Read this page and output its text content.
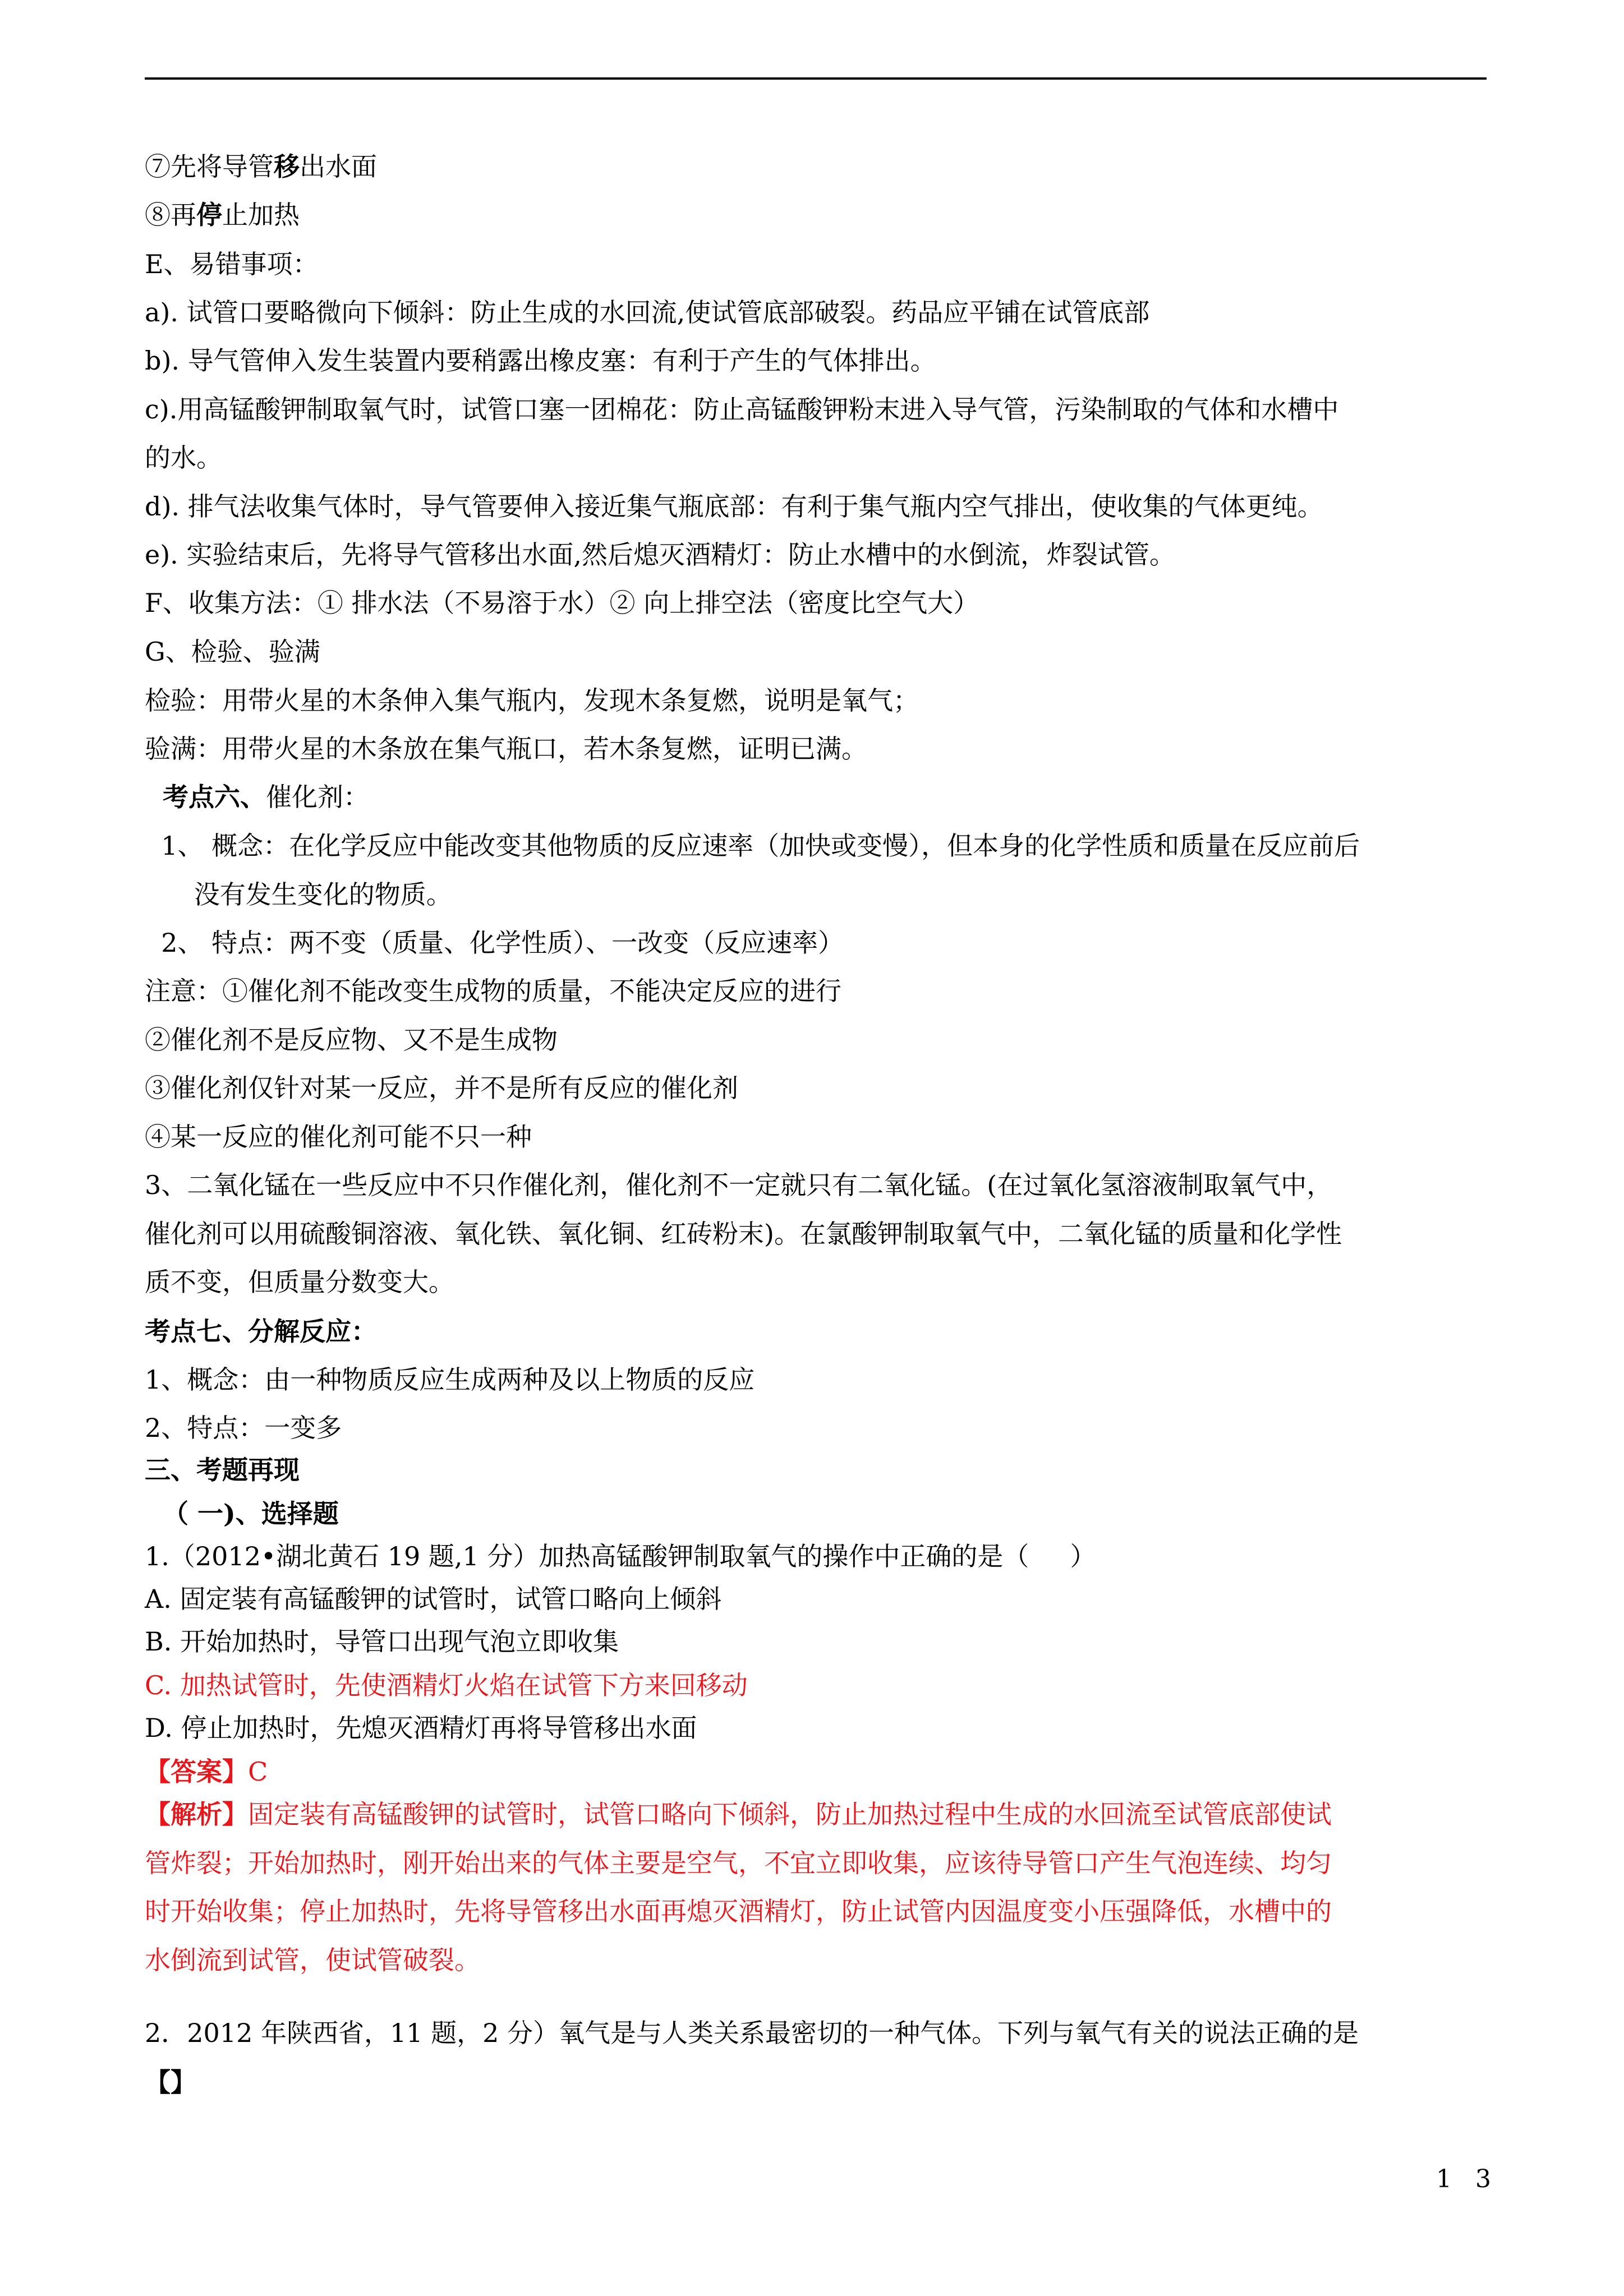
⑦先将导管移出水面
⑧再停止加热
E、易错事项：
a). 试管口要略微向下倾斜：防止生成的水回流,使试管底部破裂。药品应平铺在试管底部
b). 导气管伸入发生装置内要稍露出橡皮塞：有利于产生的气体排出。
c).用高锰酸钾制取氧气时，试管口塞一团棉花：防止高锰酸钾粉末进入导气管，污染制取的气体和水槽中
的水。
d). 排气法收集气体时，导气管要伸入接近集气瓶底部：有利于集气瓶内空气排出，使收集的气体更纯。
e). 实验结束后，先将导气管移出水面,然后熄灭酒精灯：防止水槽中的水倒流，炸裂试管。
F、收集方法：① 排水法（不易溶于水）② 向上排空法（密度比空气大）
G、检验、验满
检验：用带火星的木条伸入集气瓶内，发现木条复燃，说明是氧气；
验满：用带火星的木条放在集气瓶口，若木条复燃，证明已满。
考点六、催化剂：
1、 概念：在化学反应中能改变其他物质的反应速率（加快或变慢），但本身的化学性质和质量在反应前后
没有发生变化的物质。
2、 特点：两不变（质量、化学性质）、一改变（反应速率）
注意：①催化剂不能改变生成物的质量，不能决定反应的进行
②催化剂不是反应物、又不是生成物
③催化剂仅针对某一反应，并不是所有反应的催化剂
④某一反应的催化剂可能不只一种
3、二氧化锰在一些反应中不只作催化剂，催化剂不一定就只有二氧化锰。(在过氧化氢溶液制取氧气中，
催化剂可以用硫酸铜溶液、氧化铁、氧化铜、红砖粉末)。在氯酸钾制取氧气中，二氧化锰的质量和化学性
质不变，但质量分数变大。
考点七、分解反应：
1、概念：由一种物质反应生成两种及以上物质的反应
2、特点：一变多
三、考题再现
（ 一)、选择题
1.（2012•湖北黄石 19 题,1 分）加热高锰酸钾制取氧气的操作中正确的是（     ）
A. 固定装有高锰酸钾的试管时，试管口略向上倾斜
B. 开始加热时，导管口出现气泡立即收集
C. 加热试管时，先使酒精灯火焰在试管下方来回移动
D. 停止加热时，先熄灭酒精灯再将导管移出水面
【答案】C
【解析】固定装有高锰酸钾的试管时，试管口略向下倾斜，防止加热过程中生成的水回流至试管底部使试
管炸裂；开始加热时，刚开始出来的气体主要是空气，不宜立即收集，应该待导管口产生气泡连续、均匀
时开始收集；停止加热时，先将导管移出水面再熄灭酒精灯，防止试管内因温度变小压强降低，水槽中的
水倒流到试管，使试管破裂。
2．2012 年陕西省，11 题，2 分）氧气是与人类关系最密切的一种气体。下列与氧气有关的说法正确的是
【】
1 3
